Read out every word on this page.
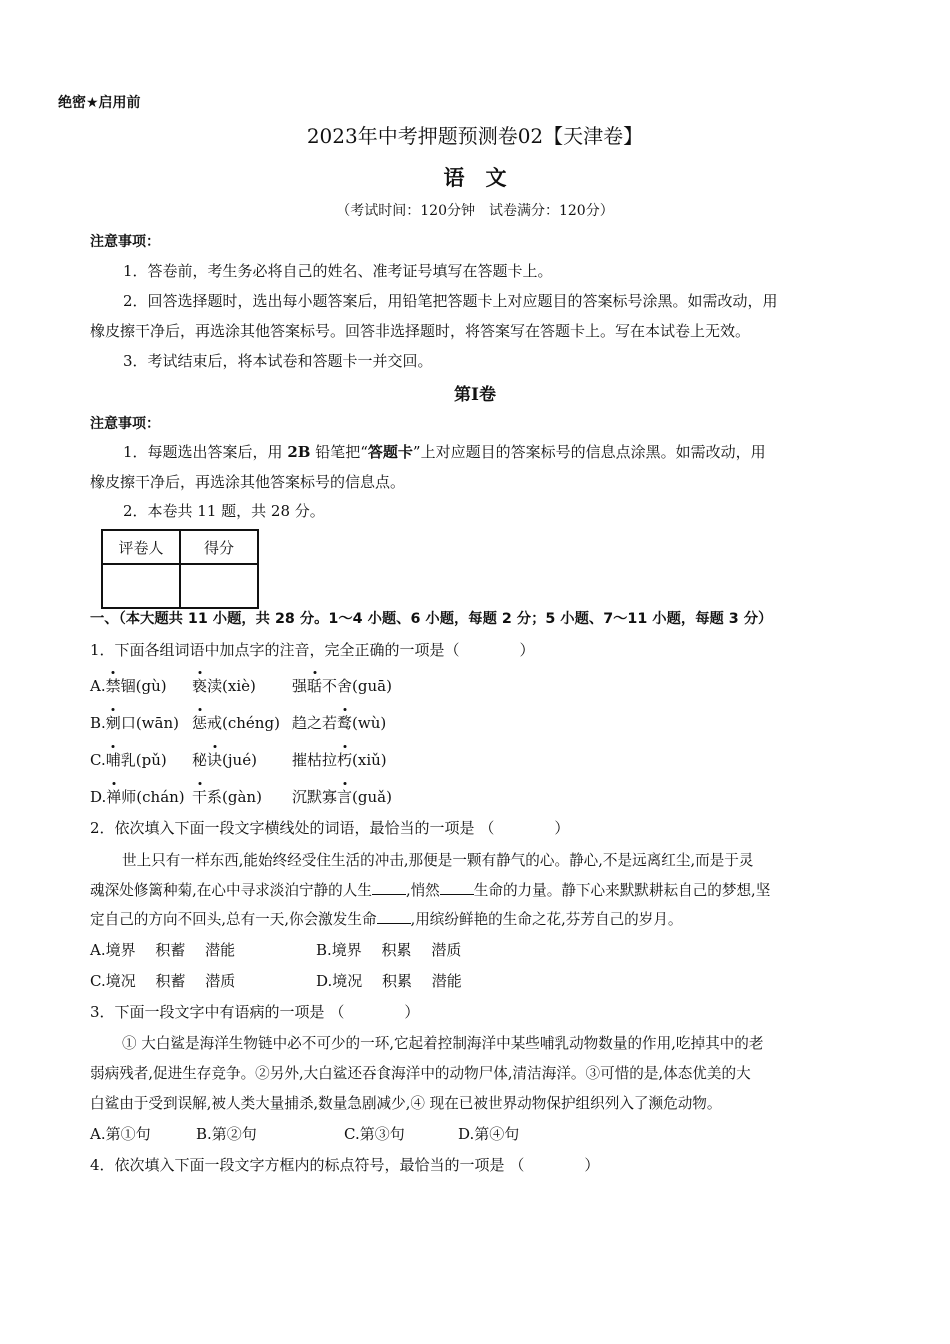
绝密★启用前
2023年中考押题预测卷02【天津卷】
语　文
（考试时间：120分钟　试卷满分：120分）
注意事项：
1．答卷前，考生务必将自己的姓名、准考证号填写在答题卡上。
2．回答选择题时，选出每小题答案后，用铅笔把答题卡上对应题目的答案标号涂黑。如需改动，用
橡皮擦干净后，再选涂其他答案标号。回答非选择题时，将答案写在答题卡上。写在本试卷上无效。
3．考试结束后，将本试卷和答题卡一并交回。
第Ⅰ卷
注意事项：
1．每题选出答案后，用 2B 铅笔把“答题卡”上对应题目的答案标号的信息点涂黑。如需改动，用
橡皮擦干净后，再选涂其他答案标号的信息点。
2．本卷共 11 题，共 28 分。
评卷人	得分

一、（本大题共 11 小题，共 28 分。1～4 小题、6 小题，每题 2 分；5 小题、7～11 小题，每题 3 分）
1．下面各组词语中加点字的注音，完全正确的一项是（　　　　）
A.禁锢(gù) 亵渎(xiè) 强聒不舍(guā)
B.剜口(wān) 惩戒(chéng) 趋之若鹜(wù)
C.哺乳(pǔ) 秘诀(jué) 摧枯拉朽(xiǔ)
D.禅师(chán) 干系(gàn) 沉默寡言(guǎ)
2．依次填入下面一段文字横线处的词语，最恰当的一项是 （　　　　）
世上只有一样东西,能始终经受住生活的冲击,那便是一颗有静气的心。静心,不是远离红尘,而是于灵
魂深处修篱种菊,在心中寻求淡泊宁静的人生 ,悄然 生命的力量。静下心来默默耕耘自己的梦想,坚
定自己的方向不回头,总有一天,你会激发生命 ,用缤纷鲜艳的生命之花,芬芳自己的岁月。
A.境界　 积蓄　 潜能	B.境界　 积累　 潜质
C.境况　 积蓄　 潜质	D.境况　 积累　 潜能
3．下面一段文字中有语病的一项是 （　　　　）
① 大白鲨是海洋生物链中必不可少的一环,它起着控制海洋中某些哺乳动物数量的作用,吃掉其中的老
弱病残者,促进生存竞争。②另外,大白鲨还吞食海洋中的动物尸体,清洁海洋。③可惜的是,体态优美的大
白鲨由于受到误解,被人类大量捕杀,数量急剧减少,④ 现在已被世界动物保护组织列入了濒危动物。
A.第①句	B.第②句	C.第③句	D.第④句
4．依次填入下面一段文字方框内的标点符号，最恰当的一项是 （　　　　）
